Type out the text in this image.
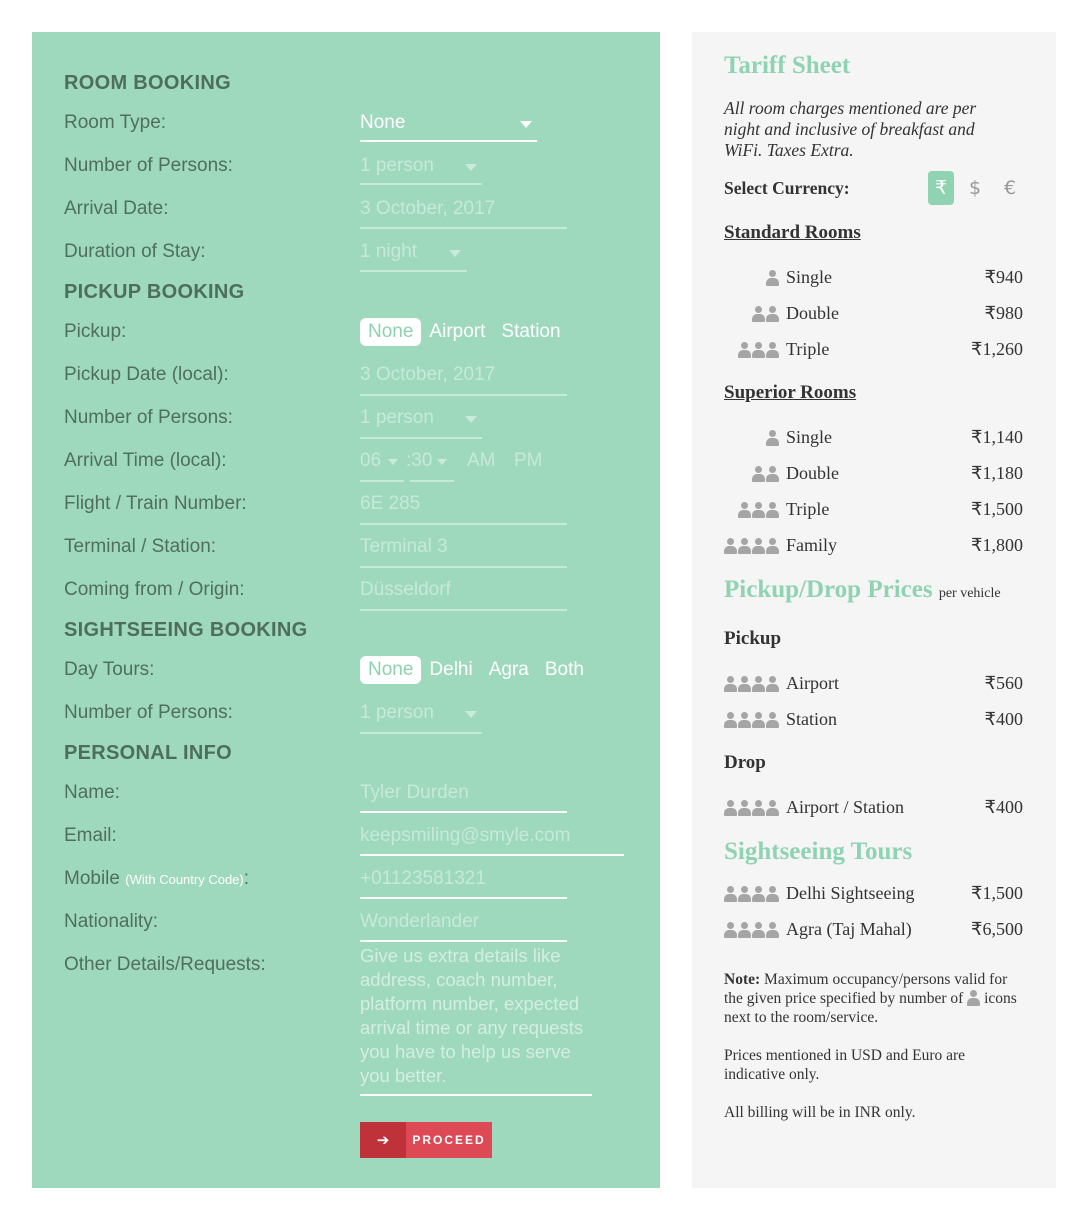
ROOM BOOKING
Room Type:	None
Number of Persons:	1 person
Arrival Date:	3 October, 2017
Duration of Stay:	1 night
PICKUP BOOKING
Pickup:	None Airport Station
Pickup Date (local):	3 October, 2017
Number of Persons:	1 person
Arrival Time (local):	06 :30 AM PM
Flight / Train Number:	6E 285
Terminal / Station:	Terminal 3
Coming from / Origin:	Düsseldorf
SIGHTSEEING BOOKING
Day Tours:	None Delhi Agra Both
Number of Persons:	1 person
PERSONAL INFO
Name:	Tyler Durden
Email:	keepsmiling@smyle.com
Mobile (With Country Code):	+01123581321
Nationality:	Wonderlander
Other Details/Requests:
Give us extra details like address, coach number, platform number, expected arrival time or any requests you have to help us serve you better.
➔	PROCEED
Tariff Sheet
All room charges mentioned are per night and inclusive of breakfast and WiFi. Taxes Extra.
Select Currency:	₹	$	€
Standard Rooms
Single	₹940
Double	₹980
Triple	₹1,260
Superior Rooms
Single	₹1,140
Double	₹1,180
Triple	₹1,500
Family	₹1,800
Pickup/Drop Prices per vehicle
Pickup
Airport	₹560
Station	₹400
Drop
Airport / Station	₹400
Sightseeing Tours
Delhi Sightseeing	₹1,500
Agra (Taj Mahal)	₹6,500
Note: Maximum occupancy/persons valid for the given price specified by number of icons next to the room/service.
Prices mentioned in USD and Euro are indicative only.
All billing will be in INR only.
